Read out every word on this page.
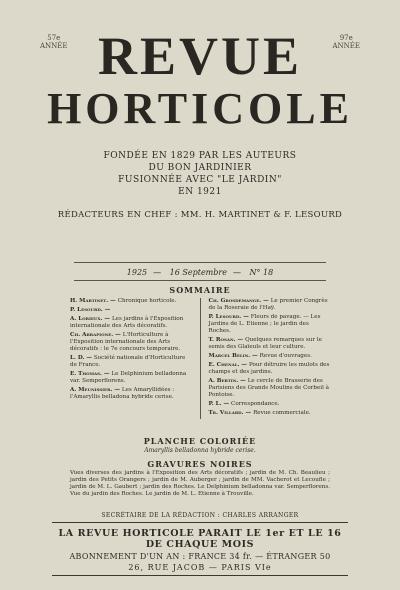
57e
ANNÉE
97e
ANNÉE
REVUE
HORTICOLE
FONDÉE EN 1829 PAR LES AUTEURS
DU BON JARDINIER
FUSIONNÉE AVEC "LE JARDIN"
EN 1921
RÉDACTEURS EN CHEF : MM. H. MARTINET & F. LESOURD
1925 — 16 Septembre — N° 18
SOMMAIRE
H. Martinet. — Chronique horticole.
P. Lesourd. —
A. Lorieux. — Les jardins à l'Exposition internationale des Arts décoratifs.
Ch. Arrapione. — L'Horticulture à l'Exposition internationale des Arts décoratifs : le 7e concours temporaire.
L. D. — Société nationale d'Horticulture de France.
E. Thomas. — Le Delphinium belladonna var. Semperflorens.
A. Meunissier. — Les Amaryllidées : l'Amaryllis belladona hybride cerise.
Ch. Grosdemange. — Le premier Congrès de la Roseraie de l'Haÿ.
P. Lesourd. — Fleurs de pavage. — Les Jardins de L. Etienne ; le jardin des Roches.
T. Rosan. — Quelques remarques sur le semis des Glaïeuls et leur culture.
Marcel Belin. — Revue d'ouvrages.
E. Chenal. — Pour détruire les mulots des champs et des jardins.
A. Bertin. — Le cercle de Brasserie des Parisiens des Grands Moulins de Corbeil à Pontoise.
P. L. — Correspondance.
Tr. Villard. — Revue commerciale.
PLANCHE COLORIÉE
Amaryllis belladonna hybride cerise.
GRAVURES NOIRES
Vues diverses des jardins à l'Exposition des Arts décoratifs ; jardin de M. Ch. Beaulieu ; jardin des Petits Orangers ; jardin de M. Auberger ; jardin de MM. Vacherot et Lecoufle ; jardin de M. L. Gaubert ; jardin des Roches. Le Delphinium belladonna var. Semperflorens. Vue du jardin des Roches. Le jardin de M. L. Etienne à Trouville.
SECRÉTAIRE DE LA RÉDACTION : CHARLES ARRANGER
LA REVUE HORTICOLE PARAIT LE 1er ET LE 16 DE CHAQUE MOIS
ABONNEMENT D'UN AN : FRANCE 34 fr. — ÉTRANGER 50
26, RUE JACOB — PARIS VIe
